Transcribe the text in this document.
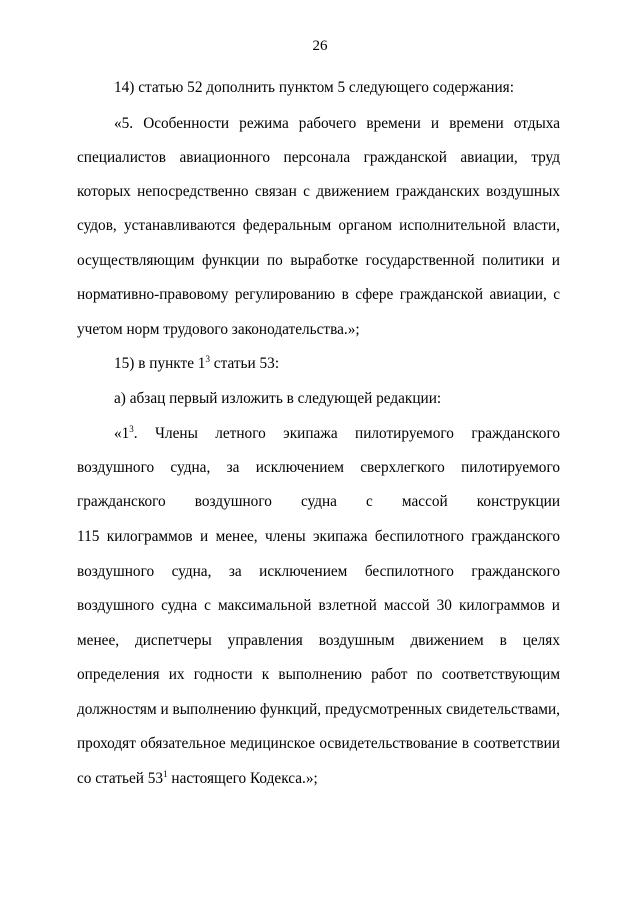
26
14) статью 52 дополнить пунктом 5 следующего содержания:
«5. Особенности режима рабочего времени и времени отдыха
специалистов авиационного персонала гражданской авиации, труд
которых непосредственно связан с движением гражданских воздушных
судов, устанавливаются федеральным органом исполнительной власти,
осуществляющим функции по выработке государственной политики и
нормативно-правовому регулированию в сфере гражданской авиации, с
учетом норм трудового законодательства.»;
15) в пункте $1^3$ статьи 53:
а) абзац первый изложить в следующей редакции:
«$1^3$. Члены летного экипажа пилотируемого гражданского
воздушного судна, за исключением сверхлегкого пилотируемого
гражданского воздушного судна с массой конструкции
115 килограммов и менее, члены экипажа беспилотного гражданского
воздушного судна, за исключением беспилотного гражданского
воздушного судна с максимальной взлетной массой 30 килограммов и
менее, диспетчеры управления воздушным движением в целях
определения их годности к выполнению работ по соответствующим
должностям и выполнению функций, предусмотренных свидетельствами,
проходят обязательное медицинское освидетельствование в соответствии
со статьей $53^1$ настоящего Кодекса.»;
